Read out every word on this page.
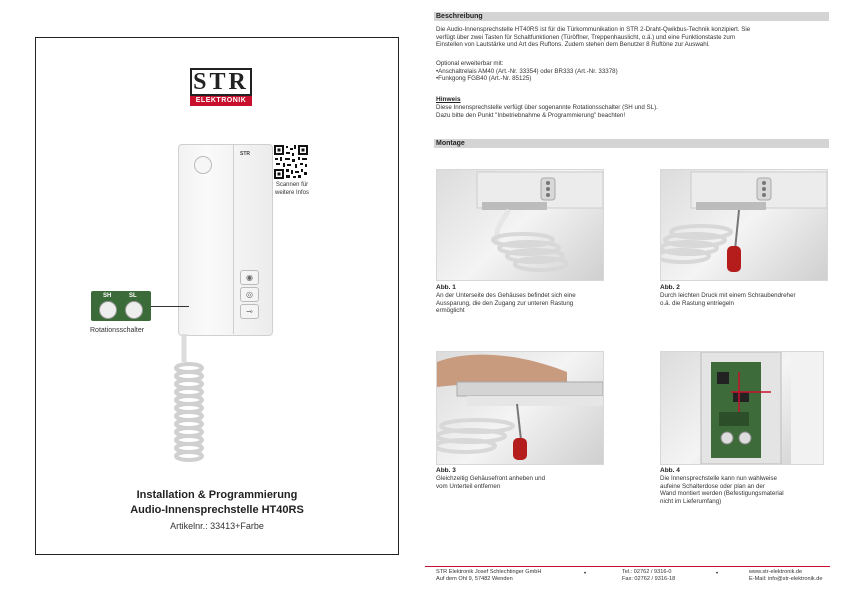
STR
ELEKTRONIK
Scannen für
weitere Infos
STR
◉
◎
⊸
SH	SL
Rotationsschalter
Installation & Programmierung
Audio-Innensprechstelle HT40RS
Artikelnr.: 33413+Farbe
Beschreibung
Die Audio-Innensprechstelle HT40RS ist für die Türkommunikation in STR 2-Draht-Qwikbus-Technik konzipiert. Sie
verfügt über zwei Tasten für Schaltfunktionen (Türöffner, Treppenhauslicht, o.ä.) und eine Funktionstaste zum
Einstellen von Lautstärke und Art des Ruftons. Zudem stehen dem Benutzer 8 Ruftöne zur Auswahl.
Optional erweiterbar mit:
•Anschaltrelais AM40 (Art.-Nr. 33354) oder BR333 (Art.-Nr. 33378)
•Funkgong FGB40 (Art.-Nr. 85125)
Hinweis
Diese Innensprechstelle verfügt über sogenannte Rotationsschalter (SH und SL).
Dazu bitte den Punkt "Inbetriebnahme & Programmierung" beachten!
Montage
Abb. 1
An der Unterseite des Gehäuses befindet sich eine
Aussparung, die den Zugang zur unteren Rastung
ermöglicht
Abb. 2
Durch leichten Druck mit einem Schraubendreher
o.ä. die Rastung entriegeln
Abb. 3
Gleichzeitig Gehäusefront anheben und
vom Unterteil entfernen
Abb. 4
Die Innensprechstelle kann nun wahlweise
aufeine Schalterdose oder plan an der
Wand montiert werden (Befestigungsmaterial
nicht im Lieferumfang)
STR Elektronik Josef Schlechtinger GmbH
Auf dem Ohl 9, 57482 Wenden
•	Tel.: 02762 / 9316-0
Fax: 02762 / 9316-18
•	www.str-elektronik.de
E-Mail: info@str-elektronik.de
